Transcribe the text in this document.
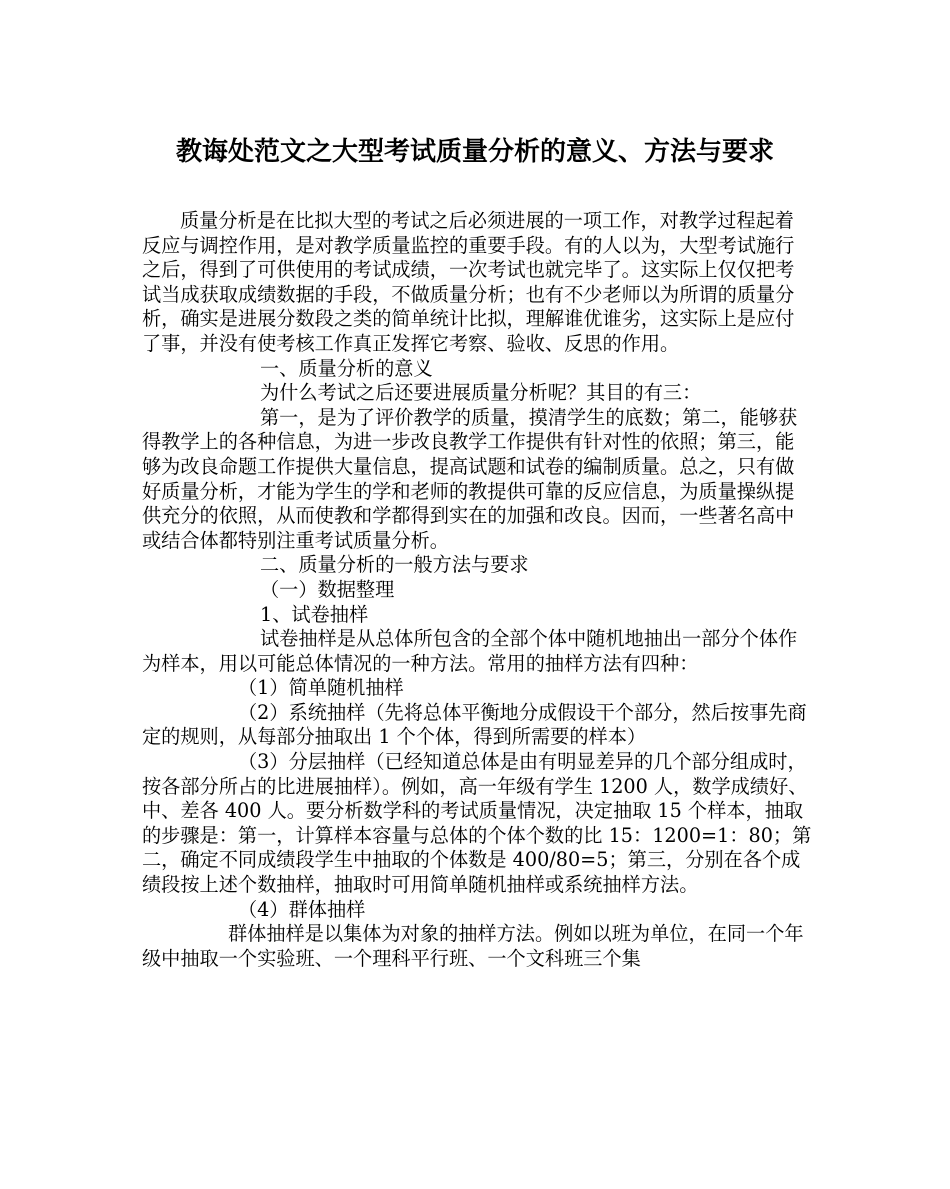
教诲处范文之大型考试质量分析的意义、方法与要求

质量分析是在比拟大型的考试之后必须进展的一项工作，对教学过程起着反应与调控作用，是对教学质量监控的重要手段。有的人以为，大型考试施行之后，得到了可供使用的考试成绩，一次考试也就完毕了。这实际上仅仅把考试当成获取成绩数据的手段，不做质量分析；也有不少老师以为所谓的质量分析，确实是进展分数段之类的简单统计比拟，理解谁优谁劣，这实际上是应付了事，并没有使考核工作真正发挥它考察、验收、反思的作用。

一、质量分析的意义

为什么考试之后还要进展质量分析呢？其目的有三：

第一，是为了评价教学的质量，摸清学生的底数；第二，能够获得教学上的各种信息，为进一步改良教学工作提供有针对性的依照；第三，能够为改良命题工作提供大量信息，提高试题和试卷的编制质量。总之，只有做好质量分析，才能为学生的学和老师的教提供可靠的反应信息，为质量操纵提供充分的依照，从而使教和学都得到实在的加强和改良。因而，一些著名高中或结合体都特别注重考试质量分析。

二、质量分析的一般方法与要求

（一）数据整理

1、试卷抽样

试卷抽样是从总体所包含的全部个体中随机地抽出一部分个体作为样本，用以可能总体情况的一种方法。常用的抽样方法有四种：

（1）简单随机抽样

（2）系统抽样（先将总体平衡地分成假设干个部分，然后按事先商定的规则，从每部分抽取出 1 个个体，得到所需要的样本）

（3）分层抽样（已经知道总体是由有明显差异的几个部分组成时，按各部分所占的比进展抽样）。例如，高一年级有学生 1200 人，数学成绩好、中、差各 400 人。要分析数学科的考试质量情况，决定抽取 15 个样本，抽取的步骤是：第一，计算样本容量与总体的个体个数的比 15：1200=1：80；第二，确定不同成绩段学生中抽取的个体数是 400/80=5；第三，分别在各个成绩段按上述个数抽样，抽取时可用简单随机抽样或系统抽样方法。

（4）群体抽样

群体抽样是以集体为对象的抽样方法。例如以班为单位，在同一个年级中抽取一个实验班、一个理科平行班、一个文科班三个集
